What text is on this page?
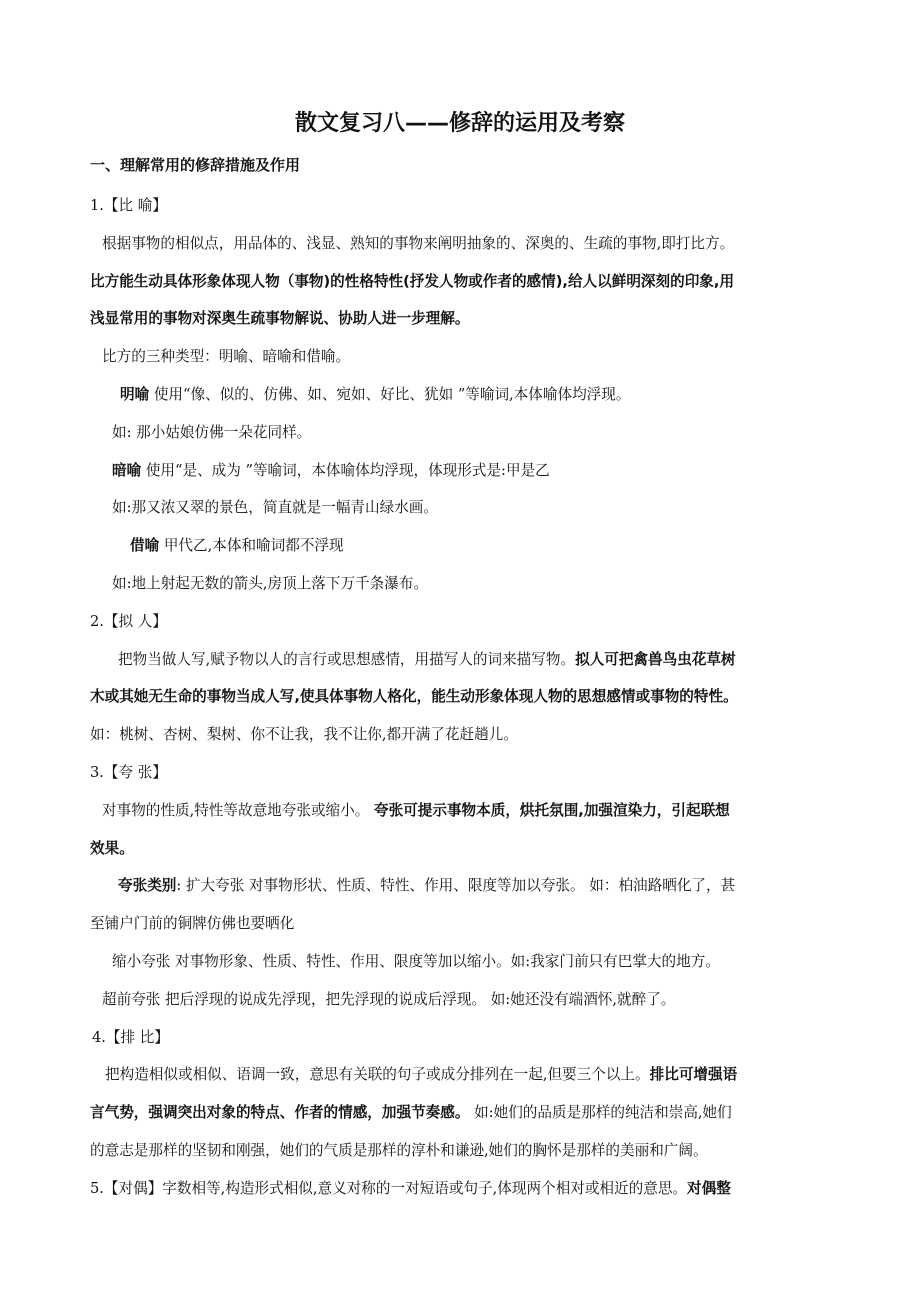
散文复习八——修辞的运用及考察
一、理解常用的修辞措施及作用
1.【比 喻】
根据事物的相似点，用品体的、浅显、熟知的事物来阐明抽象的、深奥的、生疏的事物,即打比方。
比方能生动具体形象体现人物（事物)的性格特性(抒发人物或作者的感情),给人以鲜明深刻的印象,用
浅显常用的事物对深奥生疏事物解说、协助人进一步理解。
比方的三种类型：明喻、暗喻和借喻。
明喻 使用“像、似的、仿佛、如、宛如、好比、犹如 ”等喻词,本体喻体均浮现。
如: 那小姑娘仿佛一朵花同样。
暗喻 使用“是、成为 ”等喻词，本体喻体均浮现，体现形式是:甲是乙
如:那又浓又翠的景色，简直就是一幅青山绿水画。
借喻 甲代乙,本体和喻词都不浮现
如:地上射起无数的箭头,房顶上落下万千条瀑布。
2.【拟 人】
把物当做人写,赋予物以人的言行或思想感情，用描写人的词来描写物。拟人可把禽兽鸟虫花草树
木或其她无生命的事物当成人写,使具体事物人格化，能生动形象体现人物的思想感情或事物的特性。
如：桃树、杏树、梨树、你不让我，我不让你,都开满了花赶趟儿。
3.【夸 张】
对事物的性质,特性等故意地夸张或缩小。 夸张可提示事物本质，烘托氛围,加强渲染力，引起联想
效果。
夸张类别: 扩大夸张 对事物形状、性质、特性、作用、限度等加以夸张。 如：柏油路晒化了，甚
至铺户门前的铜牌仿佛也要晒化
缩小夸张 对事物形象、性质、特性、作用、限度等加以缩小。如:我家门前只有巴掌大的地方。
超前夸张 把后浮现的说成先浮现，把先浮现的说成后浮现。 如:她还没有端酒怀,就醉了。
4.【排 比】
把构造相似或相似、语调一致，意思有关联的句子或成分排列在一起,但要三个以上。排比可增强语
言气势，强调突出对象的特点、作者的情感，加强节奏感。 如:她们的品质是那样的纯洁和崇高,她们
的意志是那样的坚韧和刚强，她们的气质是那样的淳朴和谦逊,她们的胸怀是那样的美丽和广阔。
5.【对偶】字数相等,构造形式相似,意义对称的一对短语或句子,体现两个相对或相近的意思。对偶整
